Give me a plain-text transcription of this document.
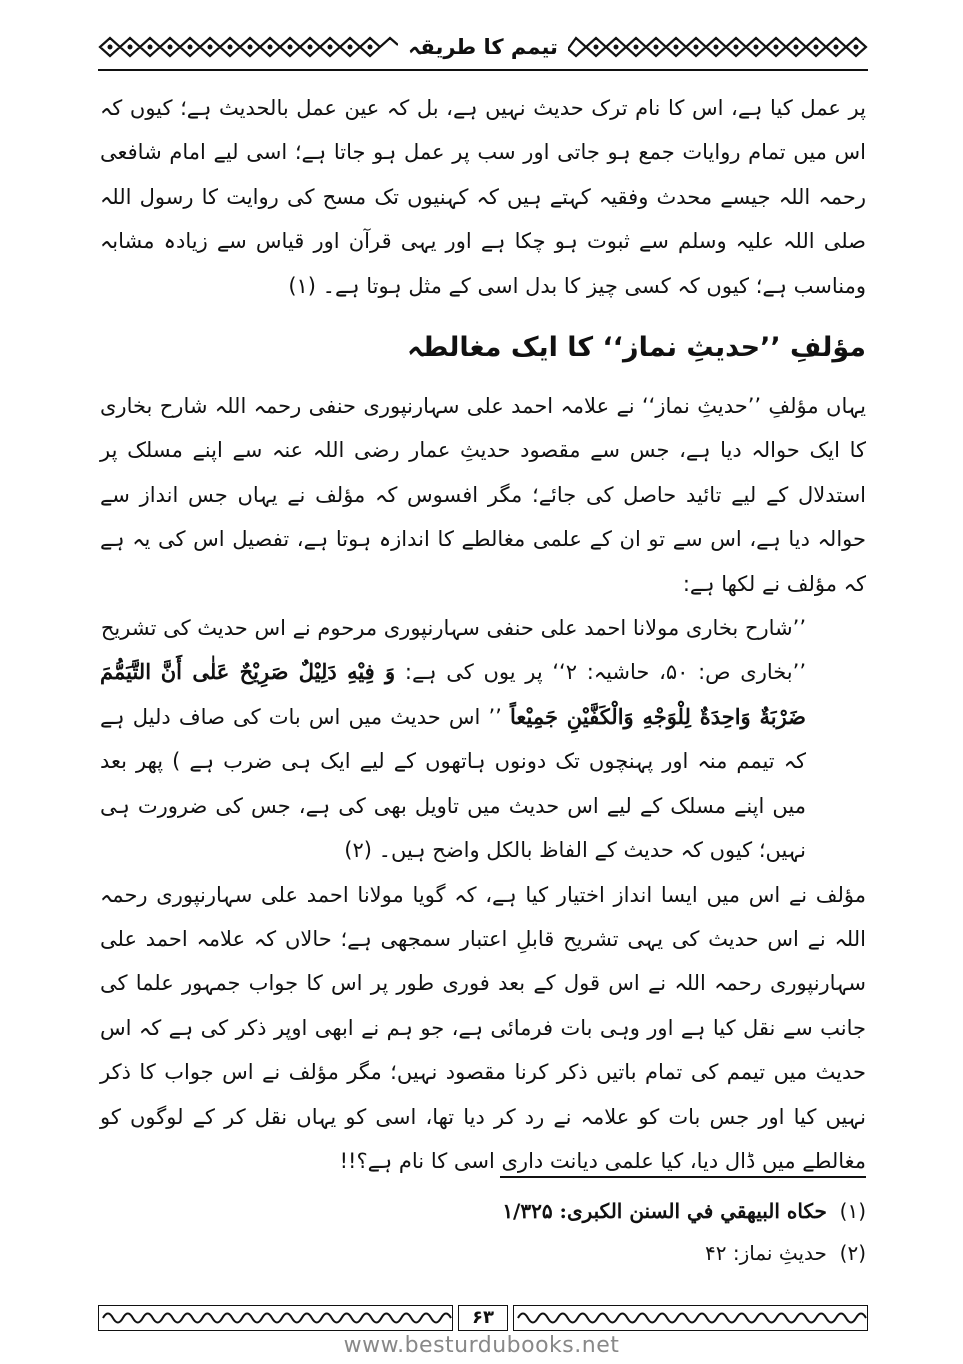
تیمم کا طریقہ

پر عمل کیا ہے، اس کا نام ترک حدیث نہیں ہے، بل کہ عین عمل بالحدیث ہے؛ کیوں کہ اس میں تمام روایات جمع ہو جاتی اور سب پر عمل ہو جاتا ہے؛ اسی لیے امام شافعی رحمہ اللہ جیسے محدث وفقیہ کہتے ہیں کہ کہنیوں تک مسح کی روایت کا رسول اللہ صلی اللہ علیہ وسلم سے ثبوت ہو چکا ہے اور یہی قرآن اور قیاس سے زیادہ مشابہ ومناسب ہے؛ کیوں کہ کسی چیز کا بدل اسی کے مثل ہوتا ہے۔ (۱)

مؤلفِ ’’حدیثِ نماز‘‘ کا ایک مغالطہ

یہاں مؤلفِ ’’حدیثِ نماز‘‘ نے علامہ احمد علی سہارنپوری حنفی رحمہ اللہ شارح بخاری کا ایک حوالہ دیا ہے، جس سے مقصود حدیثِ عمار رضی اللہ عنہ سے اپنے مسلک پر استدلال کے لیے تائید حاصل کی جائے؛ مگر افسوس کہ مؤلف نے یہاں جس انداز سے حوالہ دیا ہے، اس سے تو ان کے علمی مغالطے کا اندازہ ہوتا ہے، تفصیل اس کی یہ ہے کہ مؤلف نے لکھا ہے:

’’شارح بخاری مولانا احمد علی حنفی سہارنپوری مرحوم نے اس حدیث کی تشریح

’’بخاری ص: ۵۰، حاشیہ: ۲‘‘ پر یوں کی ہے: وَ فِيْهِ دَلِيْلٌ صَرِيْحٌ عَلٰى أَنَّ التَّيَمُّمَ ضَرْبَةٌ وَاحِدَةٌ لِلْوَجْهِ وَالْكَفَّيْنِ جَمِيْعاً ’’ اس حدیث میں اس بات کی صاف دلیل ہے کہ تیمم منہ اور پہنچوں تک دونوں ہاتھوں کے لیے ایک ہی ضرب ہے ) پھر بعد میں اپنے مسلک کے لیے اس حدیث میں تاویل بھی کی ہے، جس کی ضرورت ہی نہیں؛ کیوں کہ حدیث کے الفاظ بالکل واضح ہیں۔ (۲)

مؤلف نے اس میں ایسا انداز اختیار کیا ہے، کہ گویا مولانا احمد علی سہارنپوری رحمہ اللہ نے اس حدیث کی یہی تشریح قابلِ اعتبار سمجھی ہے؛ حالاں کہ علامہ احمد علی سہارنپوری رحمہ اللہ نے اس قول کے بعد فوری طور پر اس کا جواب جمہور علما کی جانب سے نقل کیا ہے اور وہی بات فرمائی ہے، جو ہم نے ابھی اوپر ذکر کی ہے کہ اس حدیث میں تیمم کی تمام باتیں ذکر کرنا مقصود نہیں؛ مگر مؤلف نے اس جواب کا ذکر نہیں کیا اور جس بات کو علامہ نے رد کر دیا تھا، اسی کو یہاں نقل کر کے لوگوں کو مغالطے میں ڈال دیا، کیا علمی دیانت داری اسی کا نام ہے؟!!

(۱)  حكاه البيهقي في السنن الكبرى: ۱/۳۲۵

(۲)  حدیثِ نماز: ۴۲

۶۳
www.besturdubooks.net
